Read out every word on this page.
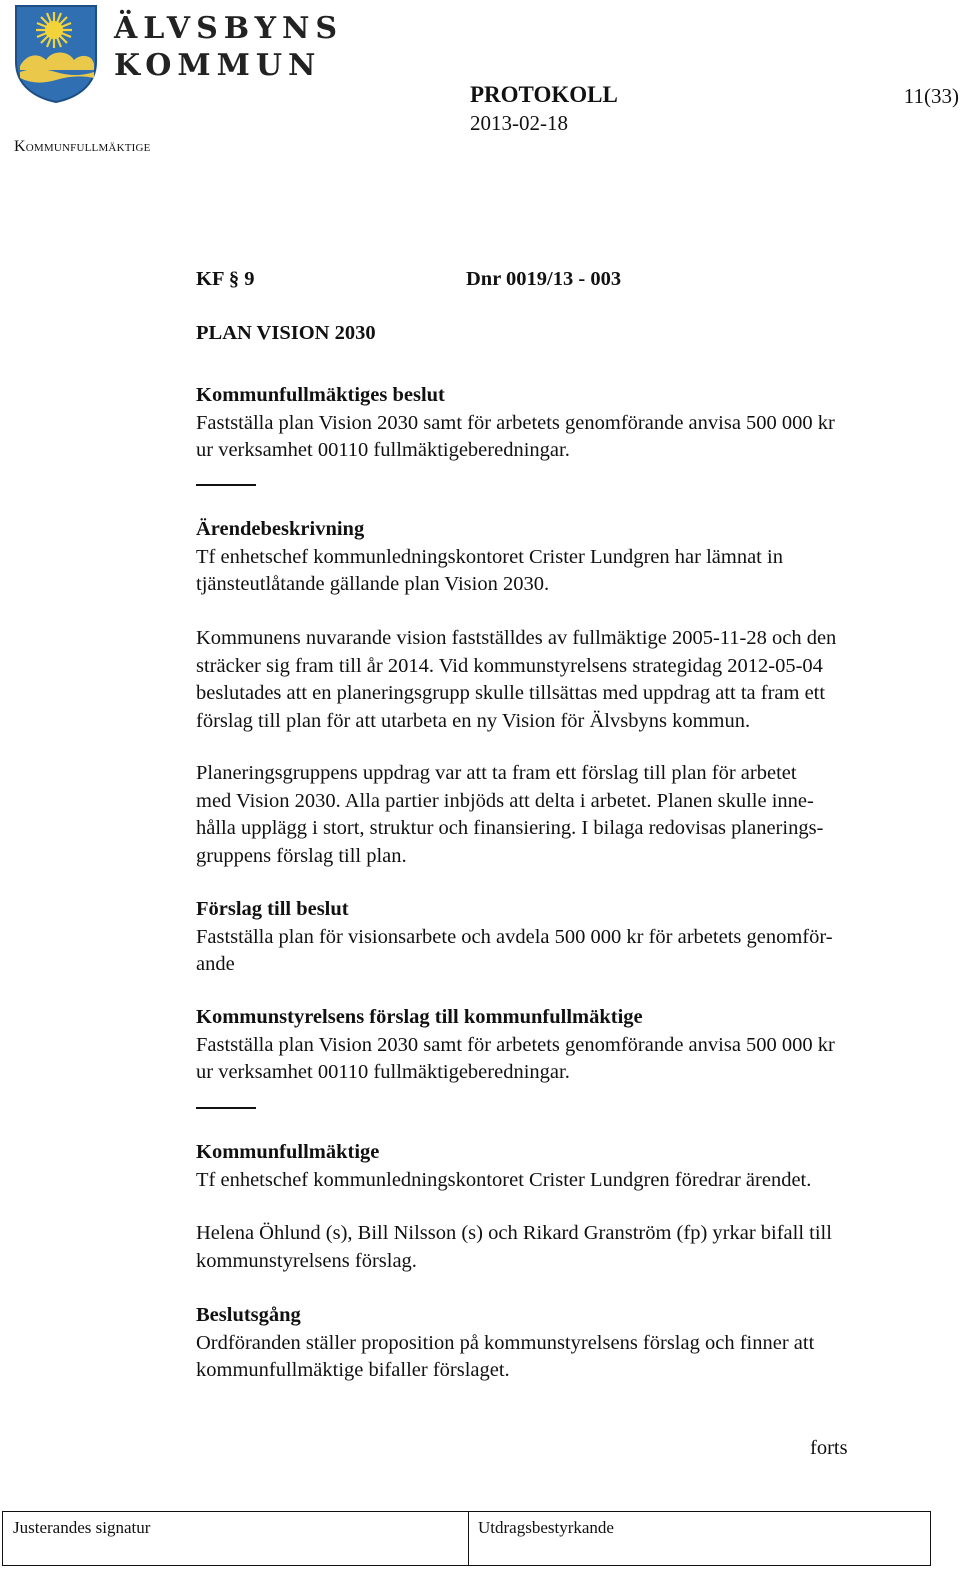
ÄLVSBYNS
KOMMUN
Kommunfullmäktige
PROTOKOLL	11(33)
2013-02-18
KF § 9	Dnr 0019/13 - 003
PLAN VISION 2030
Kommunfullmäktiges beslut
Fastställa plan Vision 2030 samt för arbetets genomförande anvisa 500 000 kr
ur verksamhet 00110 fullmäktigeberedningar.
Ärendebeskrivning
Tf enhetschef kommunledningskontoret Crister Lundgren har lämnat in
tjänsteutlåtande gällande plan Vision 2030.
Kommunens nuvarande vision fastställdes av fullmäktige 2005-11-28 och den
sträcker sig fram till år 2014. Vid kommunstyrelsens strategidag 2012-05-04
beslutades att en planeringsgrupp skulle tillsättas med uppdrag att ta fram ett
förslag till plan för att utarbeta en ny Vision för Älvsbyns kommun.
Planeringsgruppens uppdrag var att ta fram ett förslag till plan för arbetet
med Vision 2030. Alla partier inbjöds att delta i arbetet. Planen skulle inne-
hålla upplägg i stort, struktur och finansiering. I bilaga redovisas planerings-
gruppens förslag till plan.
Förslag till beslut
Fastställa plan för visionsarbete och avdela 500 000 kr för arbetets genomför-
ande
Kommunstyrelsens förslag till kommunfullmäktige
Fastställa plan Vision 2030 samt för arbetets genomförande anvisa 500 000 kr
ur verksamhet 00110 fullmäktigeberedningar.
Kommunfullmäktige
Tf enhetschef kommunledningskontoret Crister Lundgren föredrar ärendet.
Helena Öhlund (s), Bill Nilsson (s) och Rikard Granström (fp) yrkar bifall till
kommunstyrelsens förslag.
Beslutsgång
Ordföranden ställer proposition på kommunstyrelsens förslag och finner att
kommunfullmäktige bifaller förslaget.
forts
Justerandes signatur	Utdragsbestyrkande
